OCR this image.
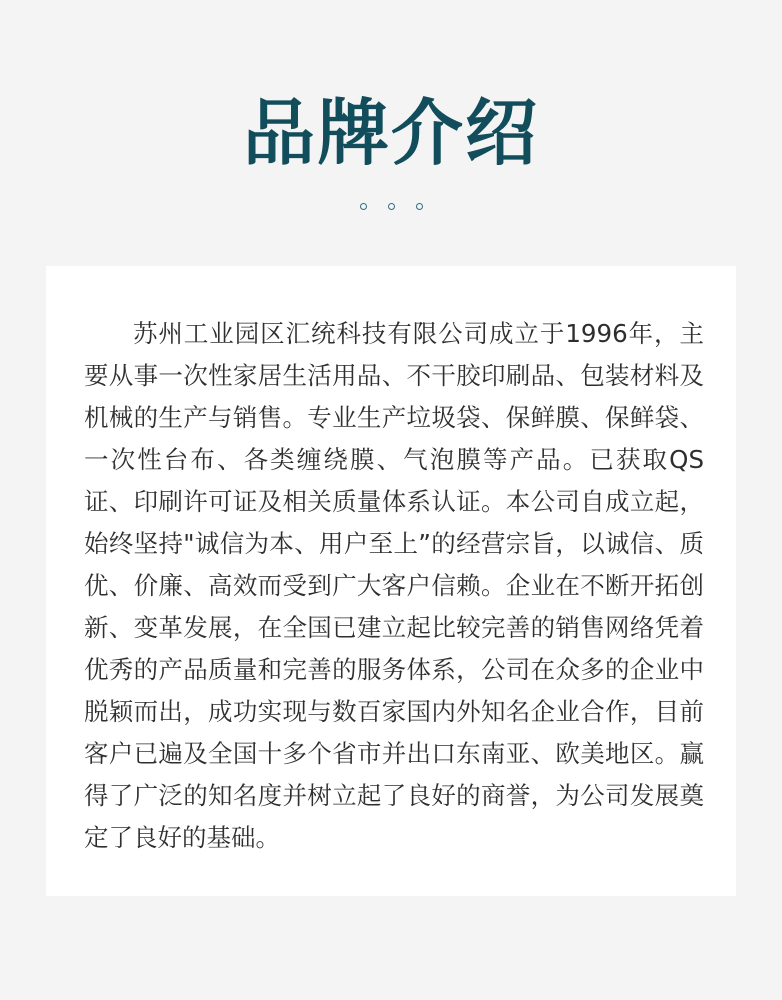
品牌介绍

苏州工业园区汇统科技有限公司成立于1996年，主要从事一次性家居生活用品、不干胶印刷品、包装材料及机械的生产与销售。专业生产垃圾袋、保鲜膜、保鲜袋、一次性台布、各类缠绕膜、气泡膜等产品。已获取QS证、印刷许可证及相关质量体系认证。本公司自成立起，始终坚持"诚信为本、用户至上”的经营宗旨，以诚信、质优、价廉、高效而受到广大客户信赖。企业在不断开拓创新、变革发展，在全国已建立起比较完善的销售网络凭着优秀的产品质量和完善的服务体系，公司在众多的企业中脱颖而出，成功实现与数百家国内外知名企业合作，目前客户已遍及全国十多个省市并出口东南亚、欧美地区。赢得了广泛的知名度并树立起了良好的商誉，为公司发展奠定了良好的基础。
